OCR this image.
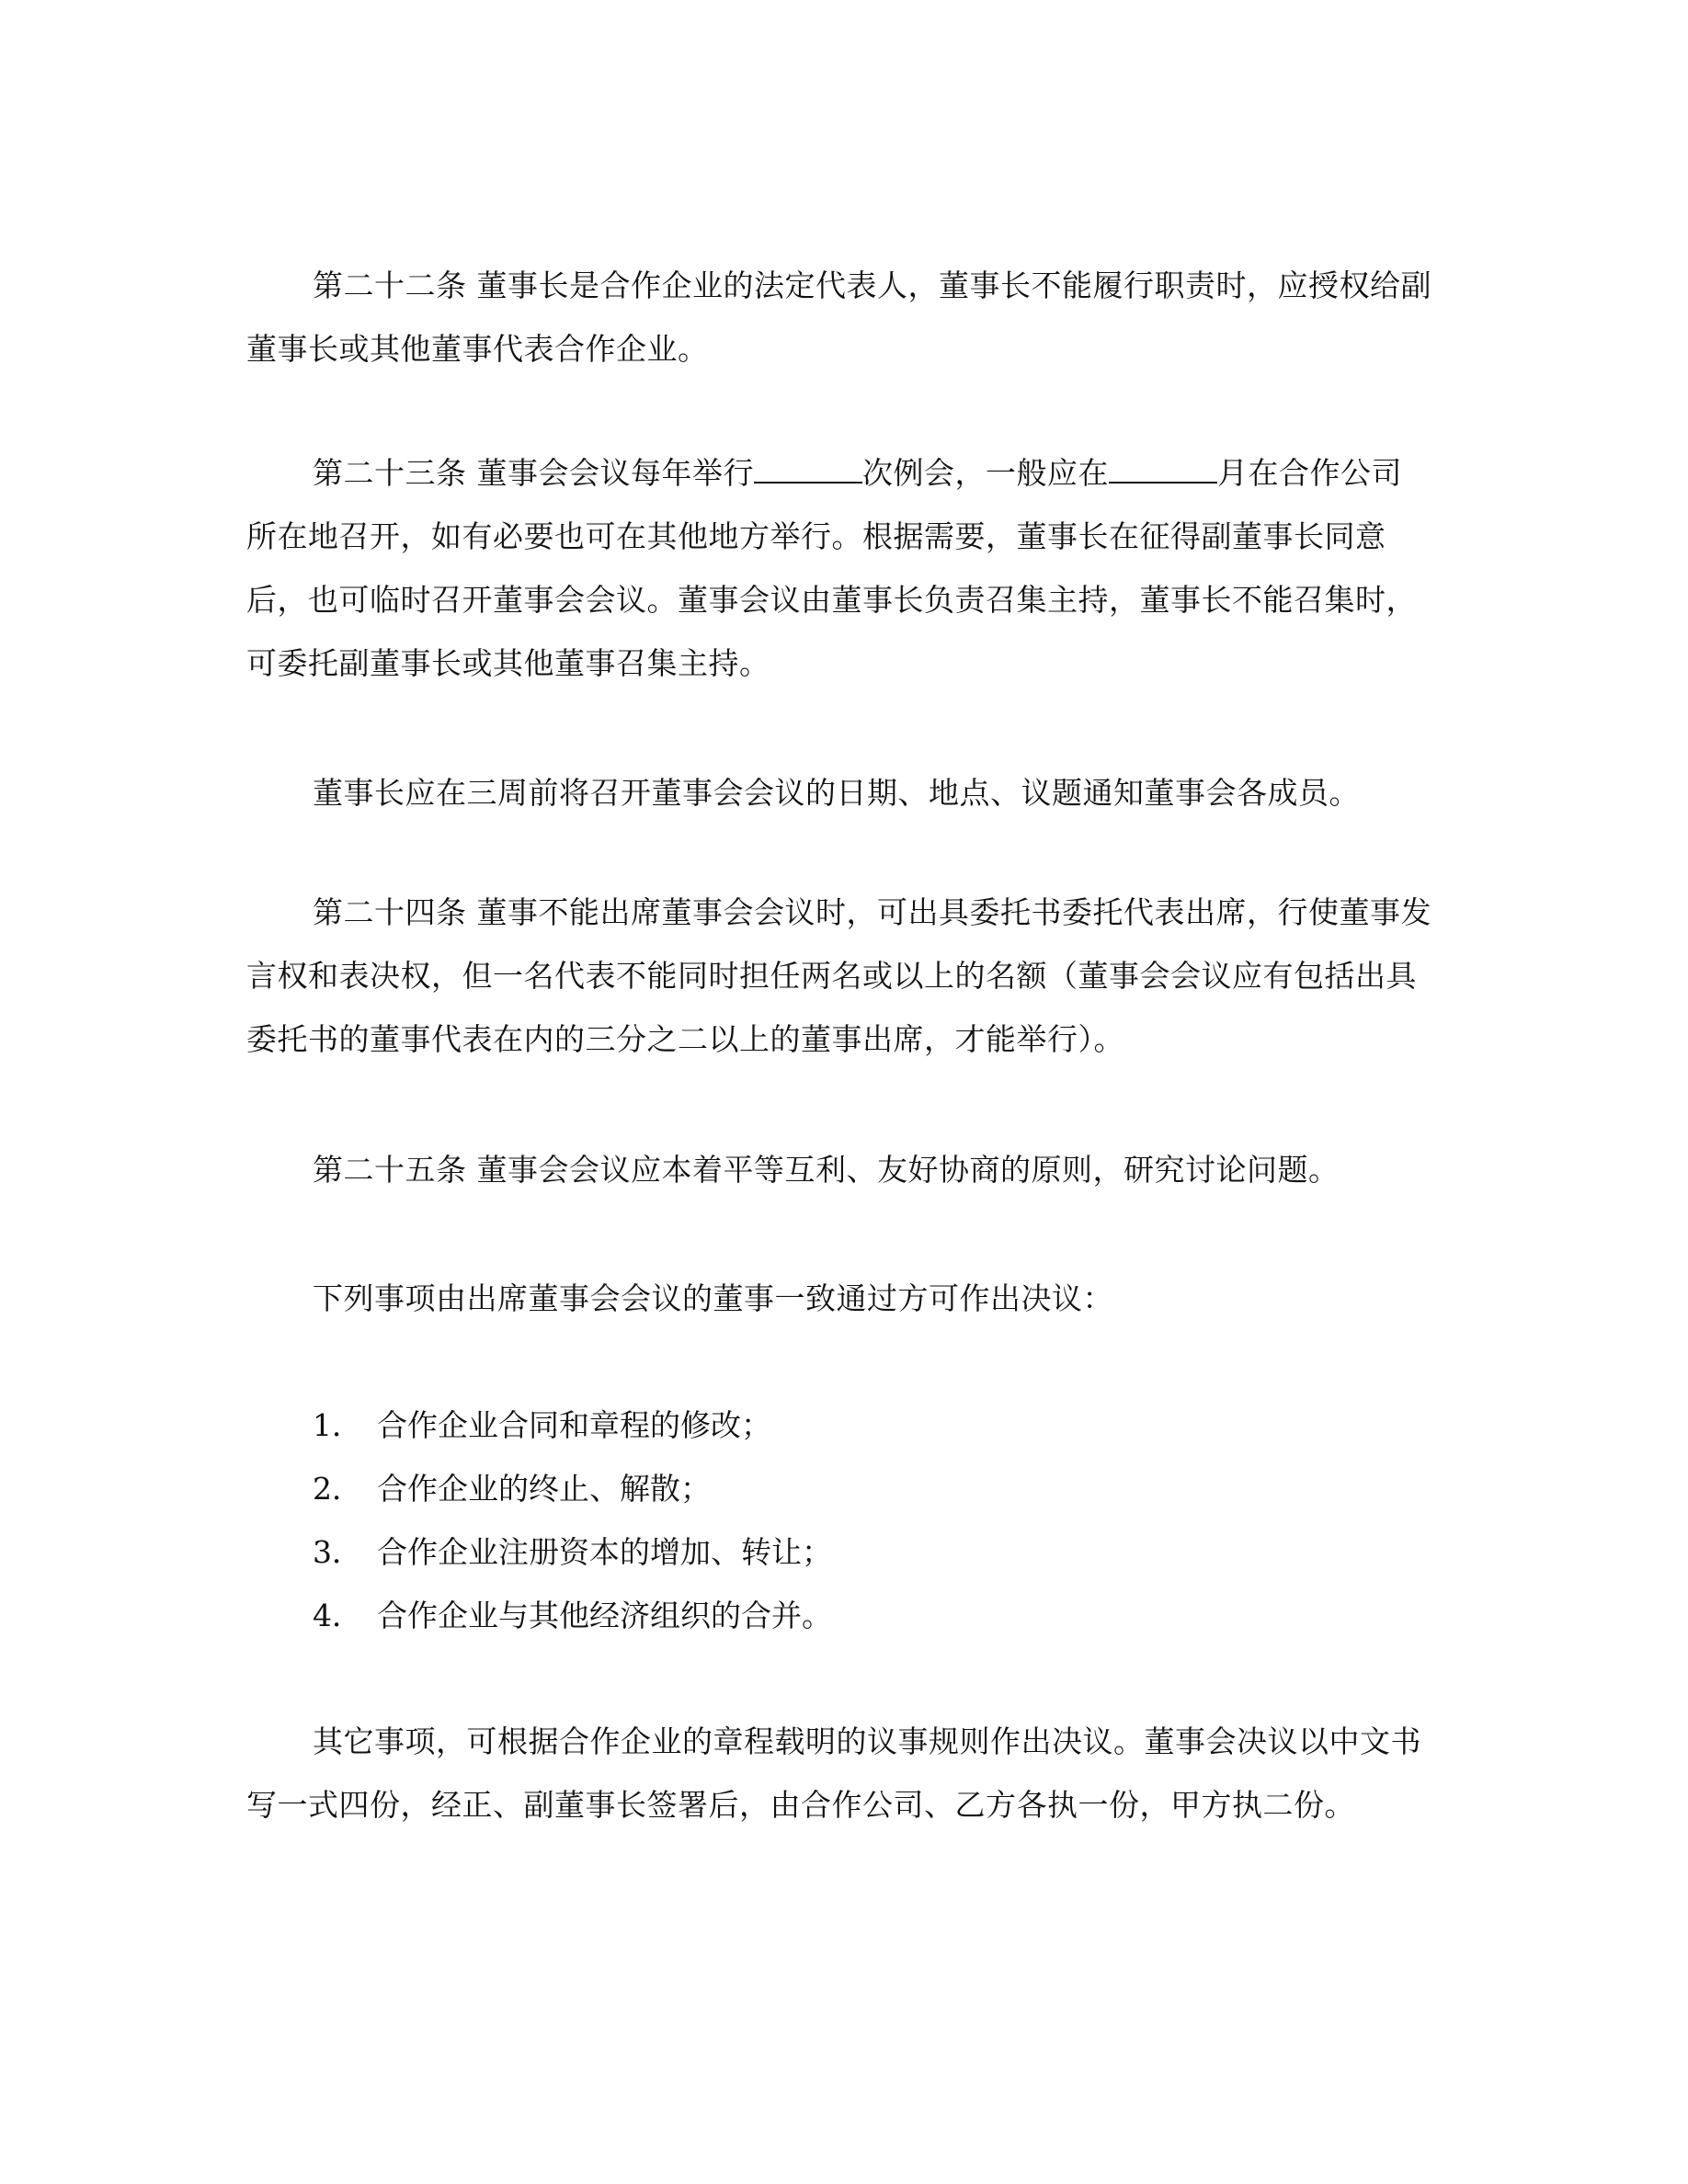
第二十二条 董事长是合作企业的法定代表人，董事长不能履行职责时，应授权给副董事长或其他董事代表合作企业。

第二十三条 董事会会议每年举行	次例会，一般应在	月在合作公司所在地召开，如有必要也可在其他地方举行。根据需要，董事长在征得副董事长同意后，也可临时召开董事会会议。董事会议由董事长负责召集主持，董事长不能召集时，可委托副董事长或其他董事召集主持。

董事长应在三周前将召开董事会会议的日期、地点、议题通知董事会各成员。

第二十四条 董事不能出席董事会会议时，可出具委托书委托代表出席，行使董事发言权和表决权，但一名代表不能同时担任两名或以上的名额（董事会会议应有包括出具委托书的董事代表在内的三分之二以上的董事出席，才能举行）。

第二十五条 董事会会议应本着平等互利、友好协商的原则，研究讨论问题。

下列事项由出席董事会会议的董事一致通过方可作出决议：

1． 合作企业合同和章程的修改；
2． 合作企业的终止、解散；
3． 合作企业注册资本的增加、转让；
4． 合作企业与其他经济组织的合并。

其它事项，可根据合作企业的章程载明的议事规则作出决议。董事会决议以中文书写一式四份，经正、副董事长签署后，由合作公司、乙方各执一份，甲方执二份。
